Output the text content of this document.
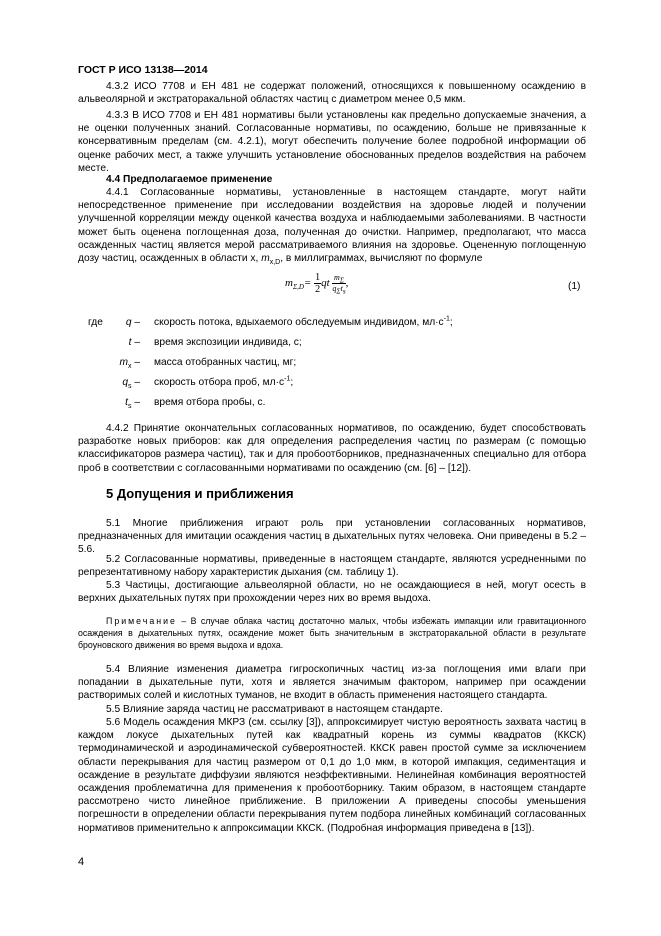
ГОСТ Р ИСО 13138—2014

4.3.2 ИСО 7708 и ЕН 481 не содержат положений, относящихся к повышенному осаждению в альвеолярной и экстраторакальной областях частиц с диаметром менее 0,5 мкм.

4.3.3 В ИСО 7708 и ЕН 481 нормативы были установлены как предельно допускаемые значения, а не оценки полученных знаний. Согласованные нормативы, по осаждению, больше не привязанные к консервативным пределам (см. 4.2.1), могут обеспечить получение более подробной информации об оценке рабочих мест, а также улучшить установление обоснованных пределов воздействия на рабочем месте.

4.4 Предполагаемое применение

4.4.1 Согласованные нормативы, установленные в настоящем стандарте, могут найти непосредственное применение при исследовании воздействия на здоровье людей и получении улучшенной корреляции между оценкой качества воздуха и наблюдаемыми заболеваниями. В частности может быть оценена поглощенная доза, полученная до очистки. Например, предполагают, что масса осажденных частиц является мерой рассматриваемого влияния на здоровье. Оцененную поглощенную дозу частиц, осажденных в области x, $m_{x,D}$, в миллиграммах, вычисляют по формуле

$m_{\Sigma,D}= \frac{1}{2}$ qt $m_\Sigma$
$q_\Sigma t_s$
,	(1)
где q – скорость потока, вдыхаемого обследуемым индивидом, $мл\cdot с^{-1}$;
t – время экспозиции индивида, с;
$m_x$ – масса отобранных частиц, мг;
$q_s$ – скорость отбора проб, $мл\cdot с^{-1}$;
$t_s$ – время отбора пробы, с.

4.4.2 Принятие окончательных согласованных нормативов, по осаждению, будет способствовать разработке новых приборов: как для определения распределения частиц по размерам (с помощью классификаторов размера частиц), так и для пробоотборников, предназначенных специально для отбора проб в соответствии с согласованными нормативами по осаждению (см. [6] – [12]).

5 Допущения и приближения

5.1 Многие приближения играют роль при установлении согласованных нормативов, предназначенных для имитации осаждения частиц в дыхательных путях человека. Они приведены в 5.2 – 5.6.

5.2 Согласованные нормативы, приведенные в настоящем стандарте, являются усредненными по репрезентативному набору характеристик дыхания (см. таблицу 1).

5.3 Частицы, достигающие альвеолярной области, но не осаждающиеся в ней, могут осесть в верхних дыхательных путях при прохождении через них во время выдоха.

Примечание – В случае облака частиц достаточно малых, чтобы избежать импакции или гравитационного осаждения в дыхательных путях, осаждение может быть значительным в экстраторакальной области в результате броуновского движения во время выдоха и вдоха.

5.4 Влияние изменения диаметра гигроскопичных частиц из-за поглощения ими влаги при попадании в дыхательные пути, хотя и является значимым фактором, например при осаждении растворимых солей и кислотных туманов, не входит в область применения настоящего стандарта.

5.5 Влияние заряда частиц не рассматривают в настоящем стандарте.

5.6 Модель осаждения МКРЗ (см. ссылку [3]), аппроксимирует чистую вероятность захвата частиц в каждом локусе дыхательных путей как квадратный корень из суммы квадратов (ККСК) термодинамической и аэродинамической субвероятностей. ККСК равен простой сумме за исключением области перекрывания для частиц размером от 0,1 до 1,0 мкм, в которой импакция, седиментация и осаждение в результате диффузии являются неэффективными. Нелинейная комбинация вероятностей осаждения проблематична для применения к пробоотборнику. Таким образом, в настоящем стандарте рассмотрено чисто линейное приближение. В приложении А приведены способы уменьшения погрешности в определении области перекрывания путем подбора линейных комбинаций согласованных нормативов применительно к аппроксимации ККСК. (Подробная информация приведена в [13]).

4
